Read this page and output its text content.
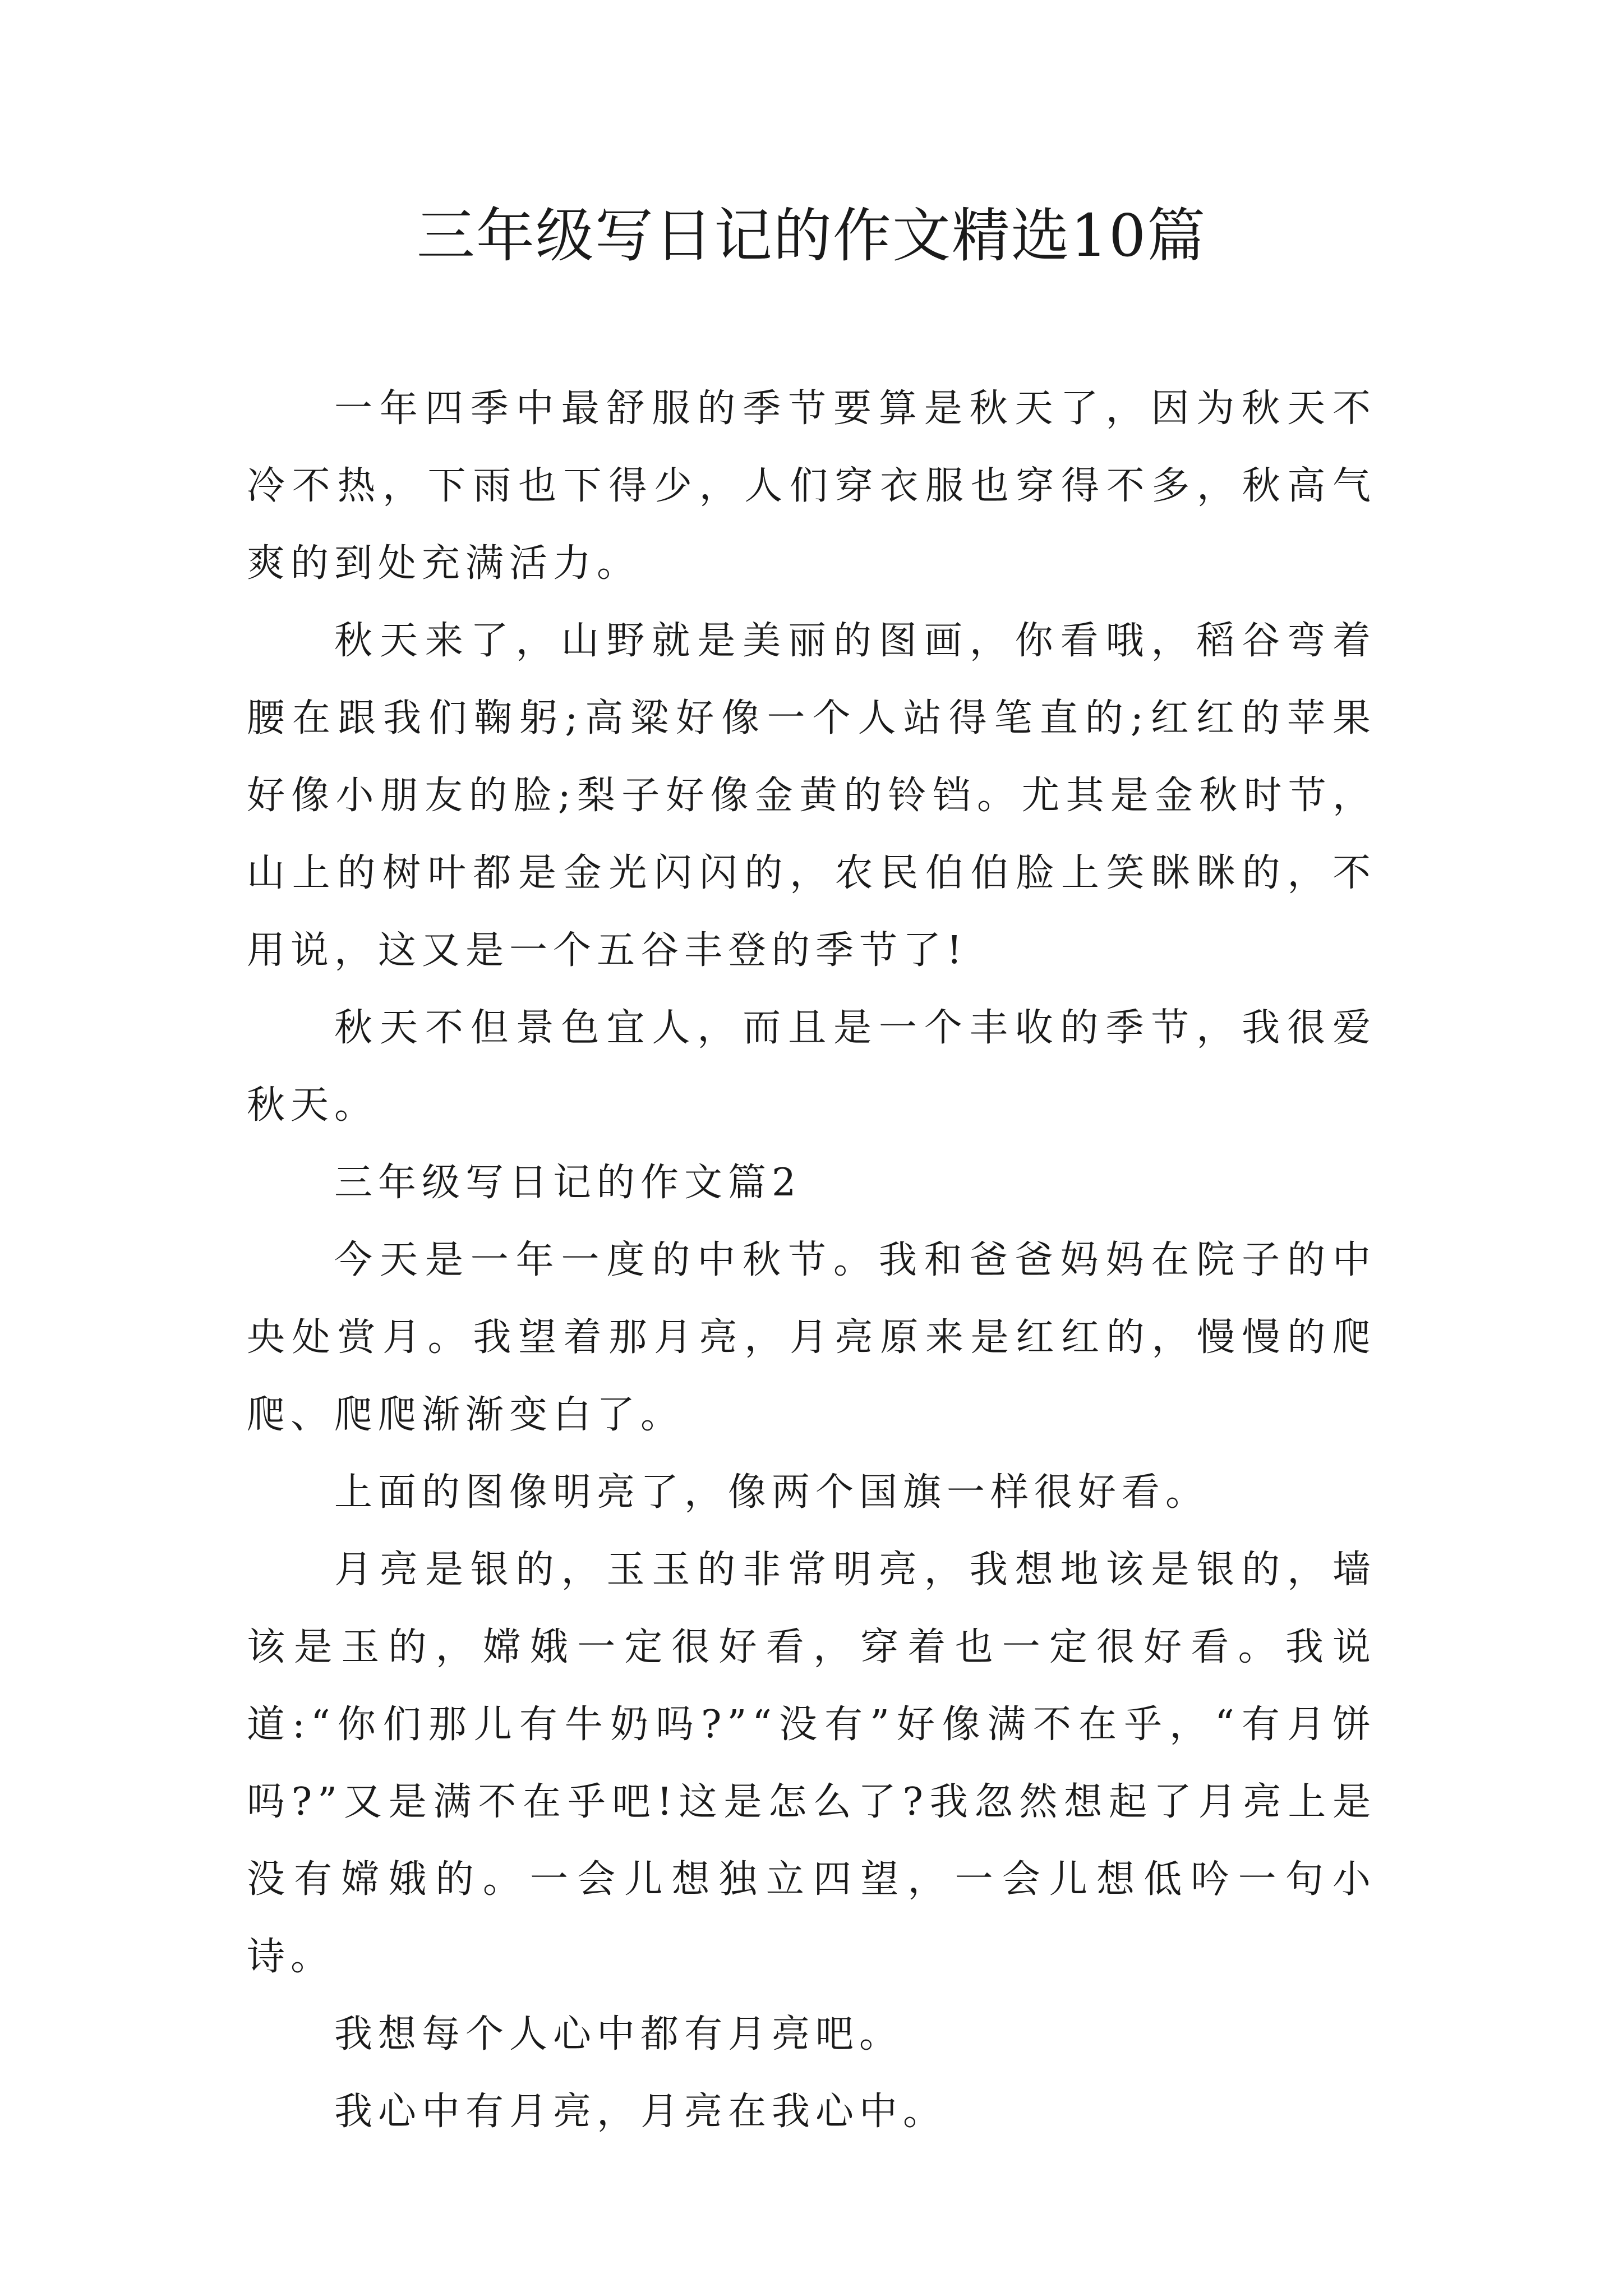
三年级写日记的作文精选10篇

一年四季中最舒服的季节要算是秋天了，因为秋天不冷不热，下雨也下得少，人们穿衣服也穿得不多，秋高气爽的到处充满活力。

秋天来了，山野就是美丽的图画，你看哦，稻谷弯着腰在跟我们鞠躬;高粱好像一个人站得笔直的;红红的苹果好像小朋友的脸;梨子好像金黄的铃铛。尤其是金秋时节，山上的树叶都是金光闪闪的，农民伯伯脸上笑眯眯的，不用说，这又是一个五谷丰登的季节了!

秋天不但景色宜人，而且是一个丰收的季节，我很爱秋天。

三年级写日记的作文篇2

今天是一年一度的中秋节。我和爸爸妈妈在院子的中央处赏月。我望着那月亮，月亮原来是红红的，慢慢的爬爬、爬爬渐渐变白了。

上面的图像明亮了，像两个国旗一样很好看。

月亮是银的，玉玉的非常明亮，我想地该是银的，墙该是玉的，嫦娥一定很好看，穿着也一定很好看。我说道:“你们那儿有牛奶吗?”“没有”好像满不在乎，“有月饼吗?”又是满不在乎吧!这是怎么了?我忽然想起了月亮上是没有嫦娥的。一会儿想独立四望，一会儿想低吟一句小诗。

我想每个人心中都有月亮吧。

我心中有月亮，月亮在我心中。
